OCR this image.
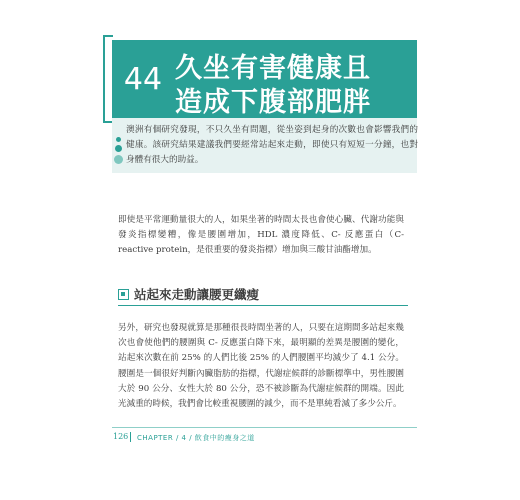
44 久坐有害健康且
造成下腹部肥胖

澳洲有個研究發現，不只久坐有問題，從坐姿到起身的次數也會影響我們的健康。該研究結果建議我們要經常站起來走動，即使只有短短一分鐘，也對身體有很大的助益。

即使是平常運動量很大的人，如果坐著的時間太長也會使心臟、代謝功能與發炎指標變糟，像是腰圍增加，HDL 濃度降低、C- 反應蛋白（C-reactive protein，是很重要的發炎指標）增加與三酸甘油酯增加。

站起來走動讓腰更纖瘦

另外，研究也發現就算是那種很長時間坐著的人，只要在這期間多站起來幾次也會使他們的腰圍與 C- 反應蛋白降下來，最明顯的差異是腰圍的變化，站起來次數在前 25% 的人們比後 25% 的人們腰圍平均減少了 4.1 公分。腰圍是一個很好判斷內臟脂肪的指標，代謝症候群的診斷標準中，男性腰圍大於 90 公分、女性大於 80 公分，恐不被診斷為代謝症候群的開端。因此光減重的時候，我們會比較重視腰圍的減少，而不是單純看減了多少公斤。

126 CHAPTER / 4 / 飲食中的瘦身之道
